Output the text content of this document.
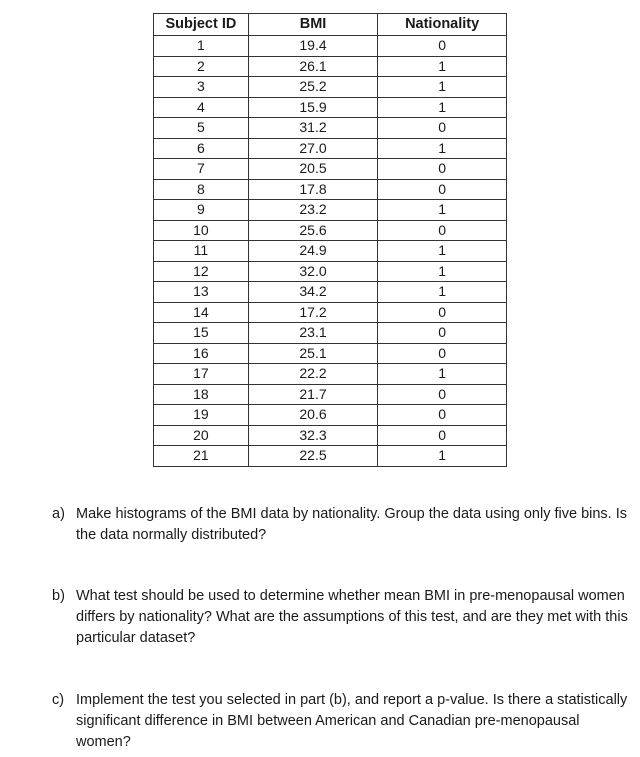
Subject ID	BMI	Nationality
1	19.4	0
2	26.1	1
3	25.2	1
4	15.9	1
5	31.2	0
6	27.0	1
7	20.5	0
8	17.8	0
9	23.2	1
10	25.6	0
11	24.9	1
12	32.0	1
13	34.2	1
14	17.2	0
15	23.1	0
16	25.1	0
17	22.2	1
18	21.7	0
19	20.6	0
20	32.3	0
21	22.5	1
a) Make histograms of the BMI data by nationality. Group the data using only five bins. Is the data normally distributed?
b) What test should be used to determine whether mean BMI in pre-menopausal women differs by nationality? What are the assumptions of this test, and are they met with this particular dataset?
c) Implement the test you selected in part (b), and report a p-value. Is there a statistically significant difference in BMI between American and Canadian pre-menopausal women?
